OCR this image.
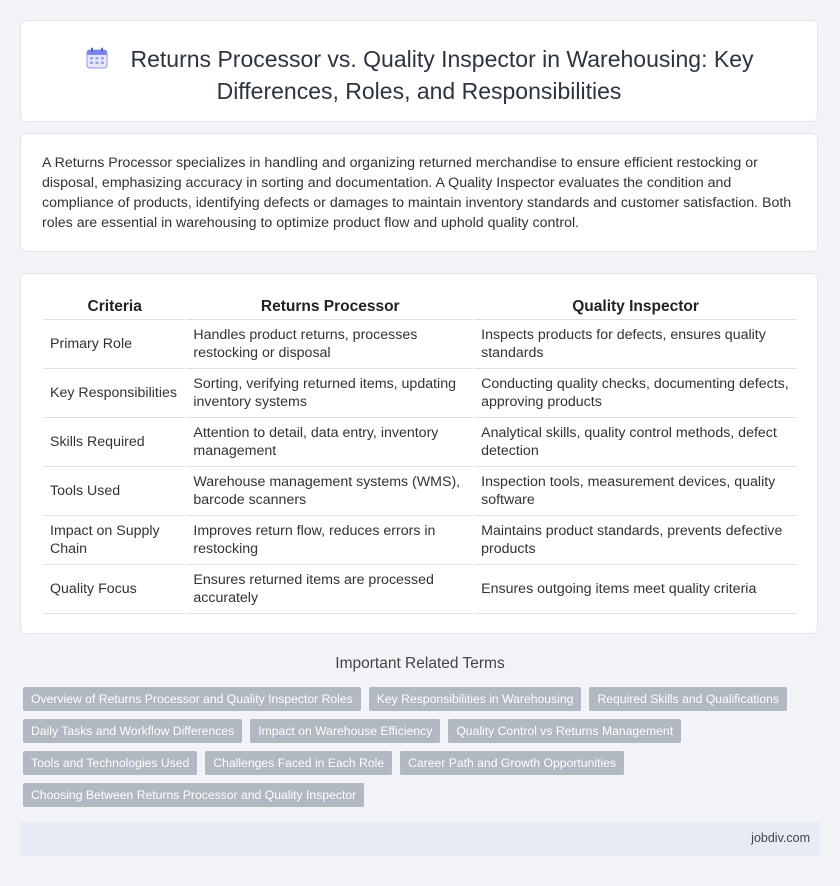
Returns Processor vs. Quality Inspector in Warehousing: Key Differences, Roles, and Responsibilities

A Returns Processor specializes in handling and organizing returned merchandise to ensure efficient restocking or disposal, emphasizing accuracy in sorting and documentation. A Quality Inspector evaluates the condition and compliance of products, identifying defects or damages to maintain inventory standards and customer satisfaction. Both roles are essential in warehousing to optimize product flow and uphold quality control.

Criteria	Returns Processor	Quality Inspector
Primary Role	Handles product returns, processes restocking or disposal	Inspects products for defects, ensures quality standards
Key Responsibilities	Sorting, verifying returned items, updating inventory systems	Conducting quality checks, documenting defects, approving products
Skills Required	Attention to detail, data entry, inventory management	Analytical skills, quality control methods, defect detection
Tools Used	Warehouse management systems (WMS), barcode scanners	Inspection tools, measurement devices, quality software
Impact on Supply Chain	Improves return flow, reduces errors in restocking	Maintains product standards, prevents defective products
Quality Focus	Ensures returned items are processed accurately	Ensures outgoing items meet quality criteria
Important Related Terms
Overview of Returns Processor and Quality Inspector Roles	Key Responsibilities in Warehousing	Required Skills and Qualifications
Daily Tasks and Workflow Differences	Impact on Warehouse Efficiency	Quality Control vs Returns Management
Tools and Technologies Used	Challenges Faced in Each Role	Career Path and Growth Opportunities
Choosing Between Returns Processor and Quality Inspector
jobdiv.com
